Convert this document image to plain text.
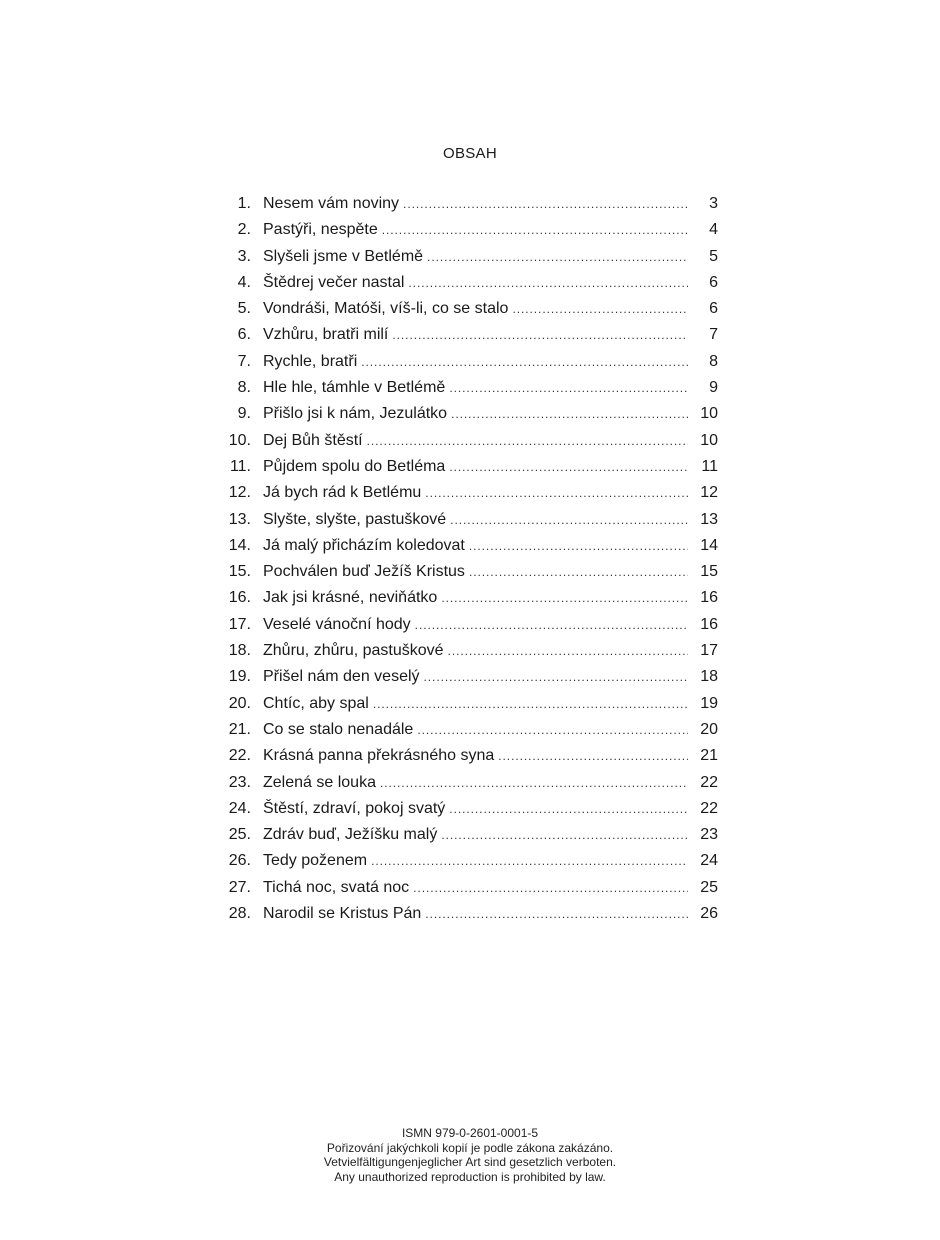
OBSAH
1. Nesem vám noviny . . .	3
2. Pastýři, nespěte . . .	4
3. Slyšeli jsme v Betlémě . . .	5
4. Štědrej večer nastal . . .	6
5. Vondráši, Matóši, víš-li, co se stalo . . .	6
6. Vzhůru, bratři milí . . .	7
7. Rychle, bratři . . .	8
8. Hle hle, támhle v Betlémě . . .	9
9. Přišlo jsi k nám, Jezulátko . . .	10
10. Dej Bůh štěstí . . .	10
11. Půjdem spolu do Betléma . . .	11
12. Já bych rád k Betlému . . .	12
13. Slyšte, slyšte, pastuškové . . .	13
14. Já malý přicházím koledovat . . .	14
15. Pochválen buď Ježíš Kristus . . .	15
16. Jak jsi krásné, neviňátko . . .	16
17. Veselé vánoční hody . . .	16
18. Zhůru, zhůru, pastuškové . . .	17
19. Přišel nám den veselý . . .	18
20. Chtíc, aby spal . . .	19
21. Co se stalo nenadále . . .	20
22. Krásná panna překrásného syna . . .	21
23. Zelená se louka . . .	22
24. Štěstí, zdraví, pokoj svatý . . .	22
25. Zdráv buď, Ježíšku malý . . .	23
26. Tedy poženem . . .	24
27. Tichá noc, svatá noc . . .	25
28. Narodil se Kristus Pán . . .	26
ISMN 979-0-2601-0001-5
Pořizování jakýchkoli kopií je podle zákona zakázáno.
Vetvielfältigungenjeglicher Art sind gesetzlich verboten.
Any unauthorized reproduction is prohibited by law.
